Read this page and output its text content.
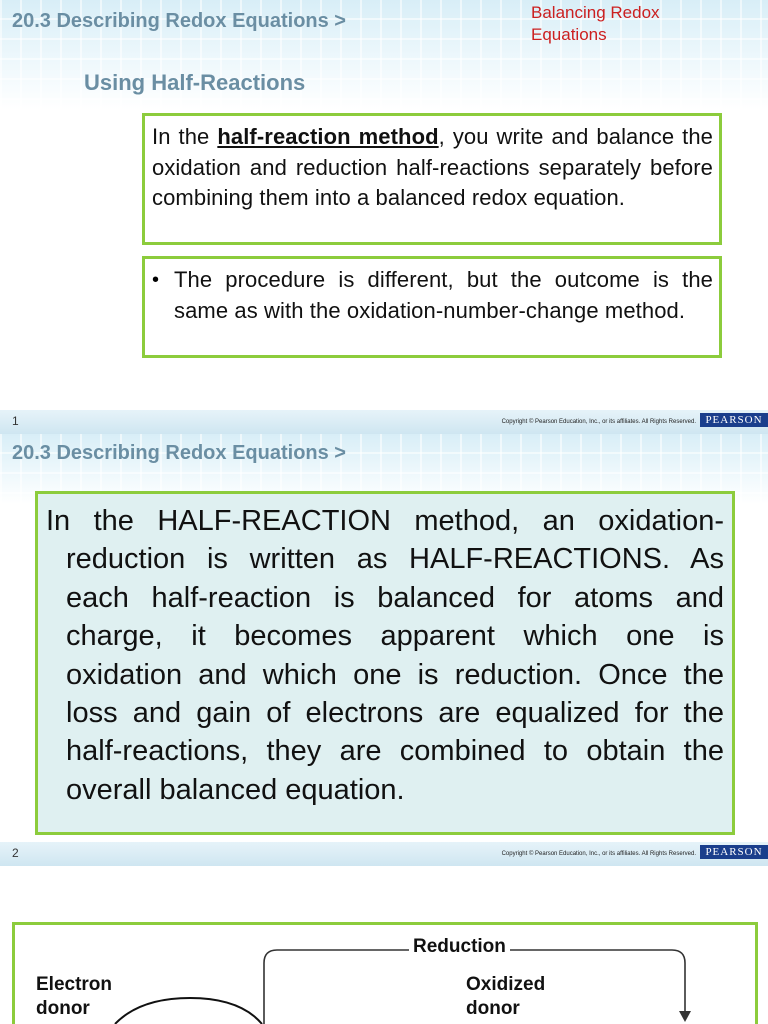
20.3 Describing Redox Equations >	Balancing Redox Equations
Using Half-Reactions
In the half-reaction method, you write and balance the oxidation and reduction half-reactions separately before combining them into a balanced redox equation.
• The procedure is different, but the outcome is the same as with the oxidation-number-change method.
1	Copyright © Pearson Education, Inc., or its affiliates. All Rights Reserved. PEARSON
20.3 Describing Redox Equations >
In the HALF-REACTION method, an oxidation-reduction is written as HALF-REACTIONS. As each half-reaction is balanced for atoms and charge, it becomes apparent which one is oxidation and which one is reduction. Once the loss and gain of electrons are equalized for the half-reactions, they are combined to obtain the overall balanced equation.
2	Copyright © Pearson Education, Inc., or its affiliates. All Rights Reserved. PEARSON
Reduction
Electron
donor
Oxidized
donor
